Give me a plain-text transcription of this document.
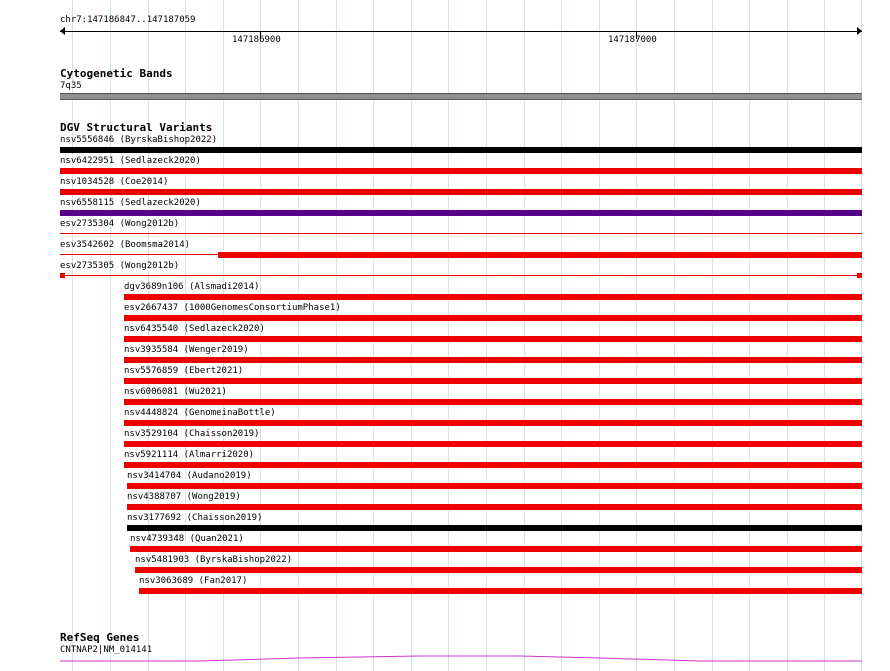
chr7:147186847..147187059
147186900	147187000
Cytogenetic Bands
7q35
DGV Structural Variants
nsv5556846 (ByrskaBishop2022)
nsv6422951 (Sedlazeck2020)
nsv1034528 (Coe2014)
nsv6558115 (Sedlazeck2020)
esv2735304 (Wong2012b)
esv3542602 (Boomsma2014)
esv2735305 (Wong2012b)
dgv3689n106 (Alsmadi2014)
esv2667437 (1000GenomesConsortiumPhase1)
nsv6435540 (Sedlazeck2020)
nsv3935584 (Wenger2019)
nsv5576859 (Ebert2021)
nsv6006081 (Wu2021)
nsv4448824 (GenomeinaBottle)
nsv3529104 (Chaisson2019)
nsv5921114 (Almarri2020)
nsv3414704 (Audano2019)
nsv4388707 (Wong2019)
nsv3177692 (Chaisson2019)
nsv4739348 (Quan2021)
nsv5481903 (ByrskaBishop2022)
nsv3063689 (Fan2017)
RefSeq Genes
CNTNAP2|NM_014141
